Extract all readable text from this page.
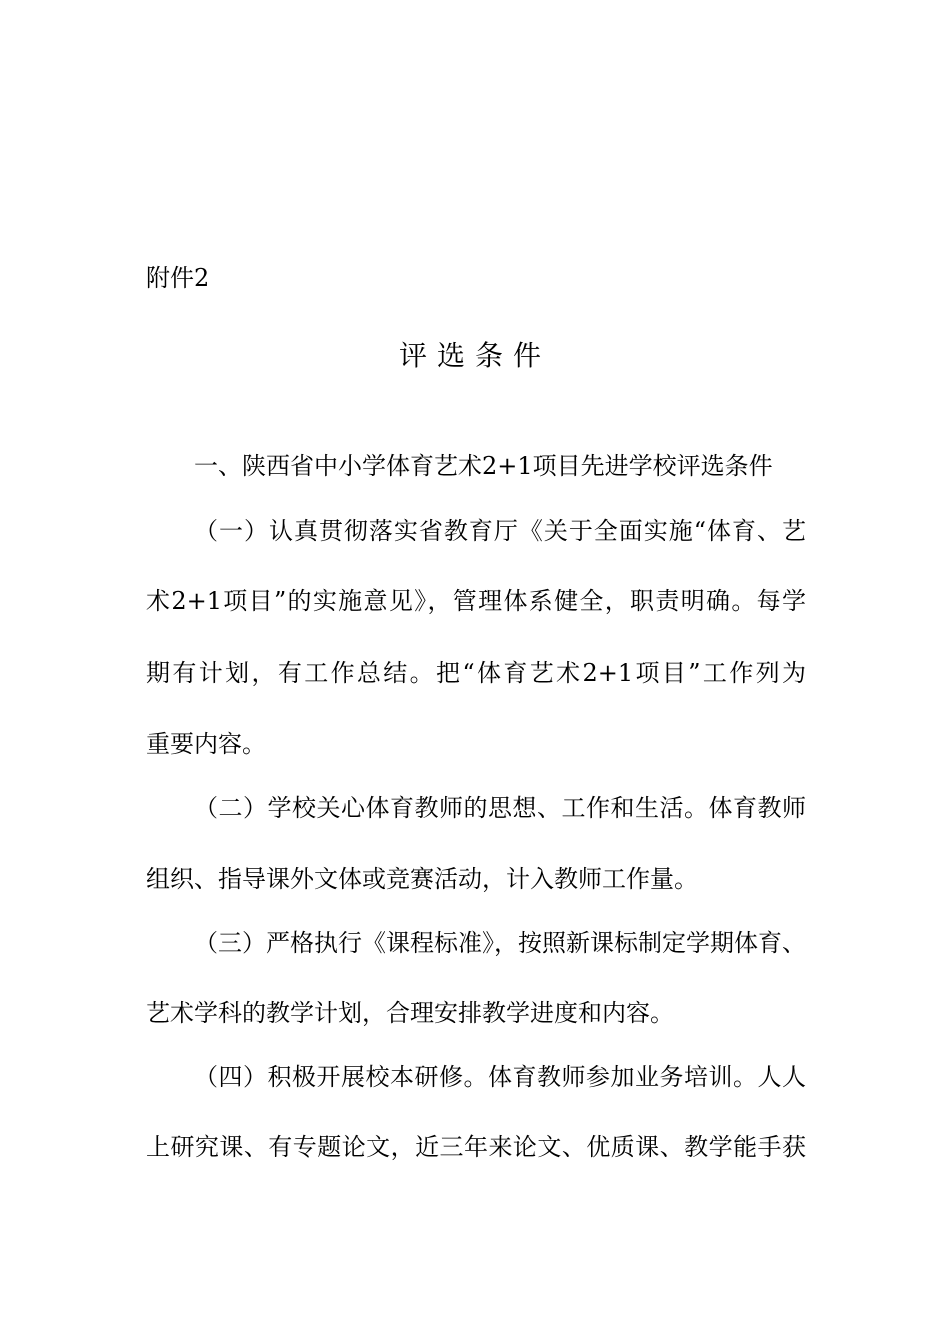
附件2
评选条件
一、陕西省中小学体育艺术2+1项目先进学校评选条件
（一）认真贯彻落实省教育厅《关于全面实施“体育、艺
术2+1项目”的实施意见》，管理体系健全，职责明确。每学
期有计划，有工作总结。把“体育艺术2+1项目”工作列为
重要内容。
（二）学校关心体育教师的思想、工作和生活。体育教师
组织、指导课外文体或竞赛活动，计入教师工作量。
（三）严格执行《课程标准》，按照新课标制定学期体育、
艺术学科的教学计划，合理安排教学进度和内容。
（四）积极开展校本研修。体育教师参加业务培训。人人
上研究课、有专题论文，近三年来论文、优质课、教学能手获
